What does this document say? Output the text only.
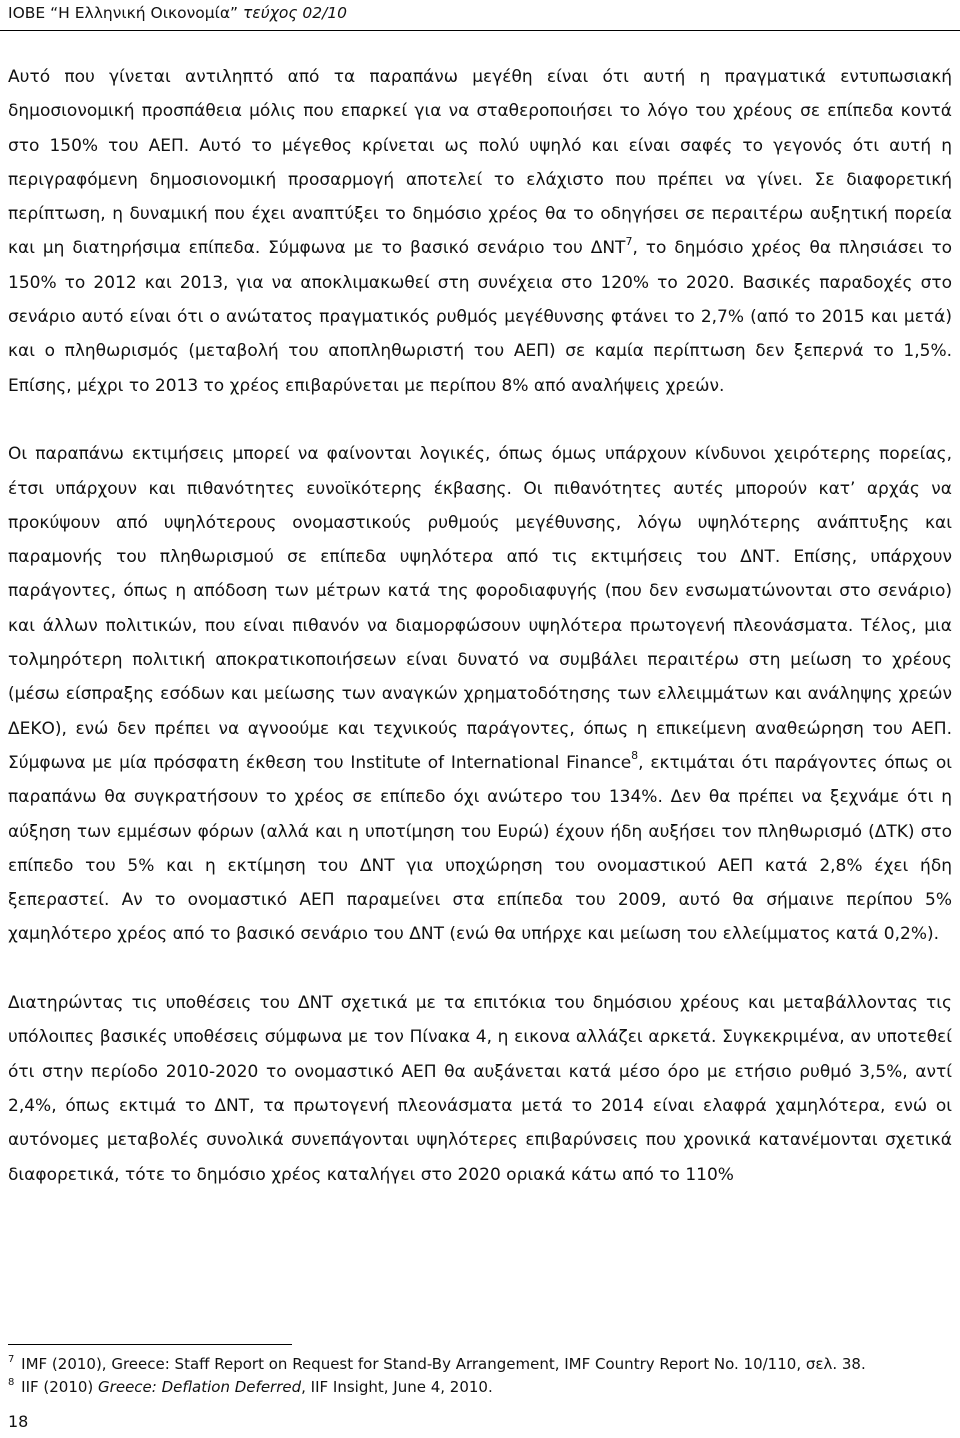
ΙΟΒΕ “Η Ελληνική Οικονομία” τεύχος 02/10

Αυτό που γίνεται αντιληπτό από τα παραπάνω μεγέθη είναι ότι αυτή η πραγματικά εντυπωσιακή δημοσιονομική προσπάθεια μόλις που επαρκεί για να σταθεροποιήσει το λόγο του χρέους σε επίπεδα κοντά στο 150% του ΑΕΠ. Αυτό το μέγεθος κρίνεται ως πολύ υψηλό και είναι σαφές το γεγονός ότι αυτή η περιγραφόμενη δημοσιονομική προσαρμογή αποτελεί το ελάχιστο που πρέπει να γίνει. Σε διαφορετική περίπτωση, η δυναμική που έχει αναπτύξει το δημόσιο χρέος θα το οδηγήσει σε περαιτέρω αυξητική πορεία και μη διατηρήσιμα επίπεδα. Σύμφωνα με το βασικό σενάριο του ΔΝΤ$^7$, το δημόσιο χρέος θα πλησιάσει το 150% το 2012 και 2013, για να αποκλιμακωθεί στη συνέχεια στο 120% το 2020. Βασικές παραδοχές στο σενάριο αυτό είναι ότι ο ανώτατος πραγματικός ρυθμός μεγέθυνσης φτάνει το 2,7% (από το 2015 και μετά) και ο πληθωρισμός (μεταβολή του αποπληθωριστή του ΑΕΠ) σε καμία περίπτωση δεν ξεπερνά το 1,5%. Επίσης, μέχρι το 2013 το χρέος επιβαρύνεται με περίπου 8% από αναλήψεις χρεών.

Οι παραπάνω εκτιμήσεις μπορεί να φαίνονται λογικές, όπως όμως υπάρχουν κίνδυνοι χειρότερης πορείας, έτσι υπάρχουν και πιθανότητες ευνοϊκότερης έκβασης. Οι πιθανότητες αυτές μπορούν κατ’ αρχάς να προκύψουν από υψηλότερους ονομαστικούς ρυθμούς μεγέθυνσης, λόγω υψηλότερης ανάπτυξης και παραμονής του πληθωρισμού σε επίπεδα υψηλότερα από τις εκτιμήσεις του ΔΝΤ. Επίσης, υπάρχουν παράγοντες, όπως η απόδοση των μέτρων κατά της φοροδιαφυγής (που δεν ενσωματώνονται στο σενάριο) και άλλων πολιτικών, που είναι πιθανόν να διαμορφώσουν υψηλότερα πρωτογενή πλεονάσματα. Τέλος, μια τολμηρότερη πολιτική αποκρατικοποιήσεων είναι δυνατό να συμβάλει περαιτέρω στη μείωση το χρέους (μέσω είσπραξης εσόδων και μείωσης των αναγκών χρηματοδότησης των ελλειμμάτων και ανάληψης χρεών ΔΕΚΟ), ενώ δεν πρέπει να αγνοούμε και τεχνικούς παράγοντες, όπως η επικείμενη αναθεώρηση του ΑΕΠ. Σύμφωνα με μία πρόσφατη έκθεση του Institute of International Finance$^8$, εκτιμάται ότι παράγοντες όπως οι παραπάνω θα συγκρατήσουν το χρέος σε επίπεδο όχι ανώτερο του 134%. Δεν θα πρέπει να ξεχνάμε ότι η αύξηση των εμμέσων φόρων (αλλά και η υποτίμηση του Ευρώ) έχουν ήδη αυξήσει τον πληθωρισμό (ΔΤΚ) στο επίπεδο του 5% και η εκτίμηση του ΔΝΤ για υποχώρηση του ονομαστικού ΑΕΠ κατά 2,8% έχει ήδη ξεπεραστεί. Αν το ονομαστικό ΑΕΠ παραμείνει στα επίπεδα του 2009, αυτό θα σήμαινε περίπου 5% χαμηλότερο χρέος από το βασικό σενάριο του ΔΝΤ (ενώ θα υπήρχε και μείωση του ελλείμματος κατά 0,2%).

Διατηρώντας τις υποθέσεις του ΔΝΤ σχετικά με τα επιτόκια του δημόσιου χρέους και μεταβάλλοντας τις υπόλοιπες βασικές υποθέσεις σύμφωνα με τον Πίνακα 4, η εικονα αλλάζει αρκετά. Συγκεκριμένα, αν υποτεθεί ότι στην περίοδο 2010-2020 το ονομαστικό ΑΕΠ θα αυξάνεται κατά μέσο όρο με ετήσιο ρυθμό 3,5%, αντί 2,4%, όπως εκτιμά το ΔΝΤ, τα πρωτογενή πλεονάσματα μετά το 2014 είναι ελαφρά χαμηλότερα, ενώ οι αυτόνομες μεταβολές συνολικά συνεπάγονται υψηλότερες επιβαρύνσεις που χρονικά κατανέμονται σχετικά διαφορετικά, τότε το δημόσιο χρέος καταλήγει στο 2020 οριακά κάτω από το 110%

$^7$ IMF (2010), Greece: Staff Report on Request for Stand-By Arrangement, IMF Country Report No. 10/110, σελ. 38.

$^8$ IIF (2010) Greece: Deflation Deferred, IIF Insight, June 4, 2010.

18
